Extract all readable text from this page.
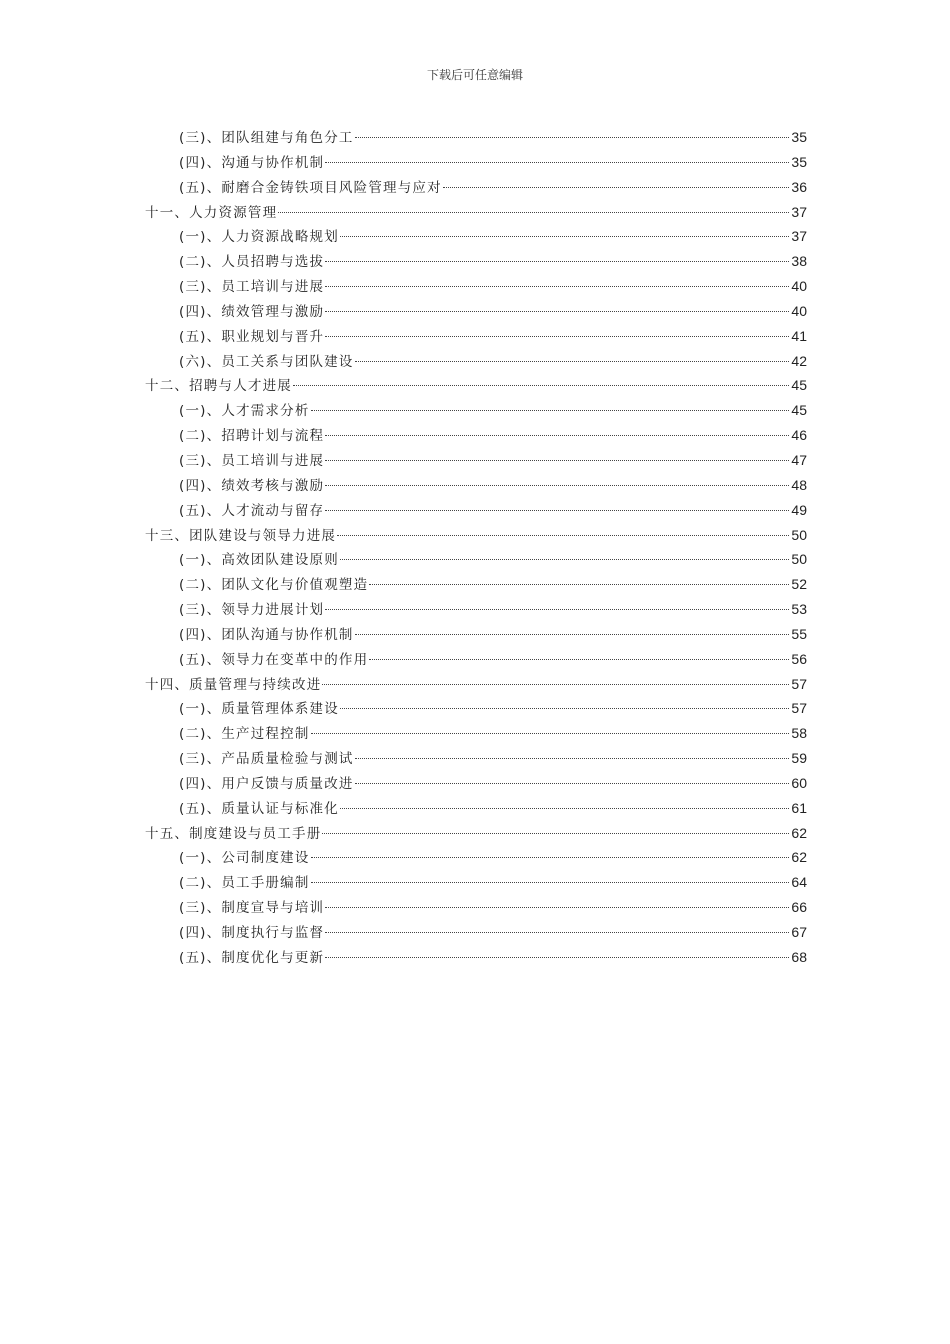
下载后可任意编辑
(三)、团队组建与角色分工	35
(四)、沟通与协作机制	35
(五)、耐磨合金铸铁项目风险管理与应对	36
十一、人力资源管理	37
(一)、人力资源战略规划	37
(二)、人员招聘与选拔	38
(三)、员工培训与进展	40
(四)、绩效管理与激励	40
(五)、职业规划与晋升	41
(六)、员工关系与团队建设	42
十二、招聘与人才进展	45
(一)、人才需求分析	45
(二)、招聘计划与流程	46
(三)、员工培训与进展	47
(四)、绩效考核与激励	48
(五)、人才流动与留存	49
十三、团队建设与领导力进展	50
(一)、高效团队建设原则	50
(二)、团队文化与价值观塑造	52
(三)、领导力进展计划	53
(四)、团队沟通与协作机制	55
(五)、领导力在变革中的作用	56
十四、质量管理与持续改进	57
(一)、质量管理体系建设	57
(二)、生产过程控制	58
(三)、产品质量检验与测试	59
(四)、用户反馈与质量改进	60
(五)、质量认证与标准化	61
十五、制度建设与员工手册	62
(一)、公司制度建设	62
(二)、员工手册编制	64
(三)、制度宣导与培训	66
(四)、制度执行与监督	67
(五)、制度优化与更新	68
